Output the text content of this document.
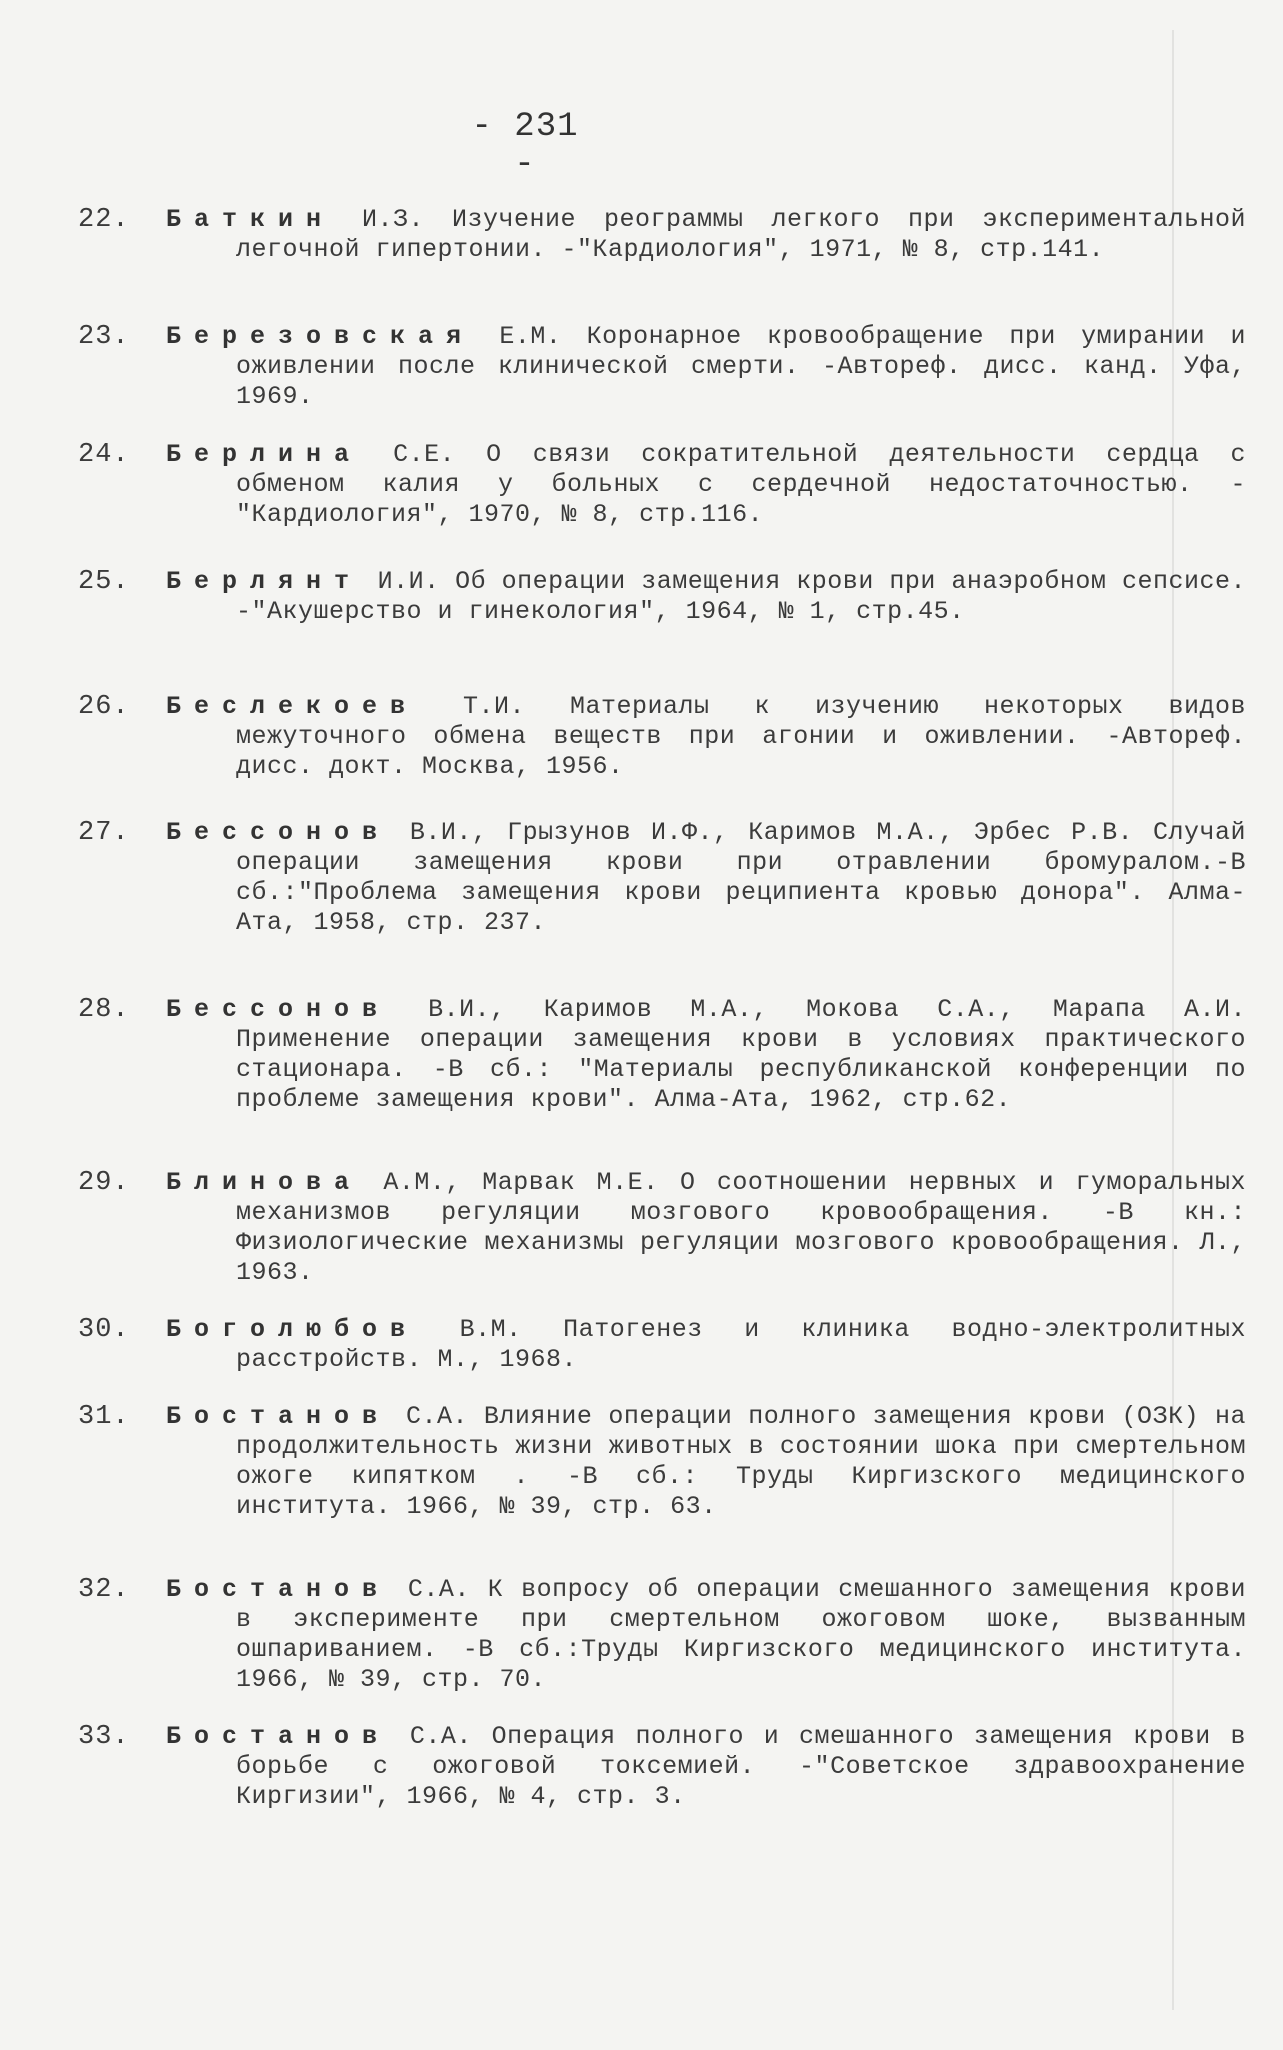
- 231 -
22.	Баткин И.З. Изучение реограммы легкого при экспериментальной легочной гипертонии. -"Кардиология", 1971, № 8, стр.141.
23.	Березовская Е.М. Коронарное кровообращение при умирании и оживлении после клинической смерти. -Автореф. дисс. канд. Уфа, 1969.
24.	Берлина С.Е. О связи сократительной деятельности сердца с обменом калия у больных с сердечной недостаточностью. -"Кардиология", 1970, № 8, стр.116.
25.	Берлянт И.И. Об операции замещения крови при анаэробном сепсисе. -"Акушерство и гинекология", 1964, № 1, стр.45.
26.	Беслекоев Т.И. Материалы к изучению некоторых видов межуточного обмена веществ при агонии и оживлении. -Автореф. дисс. докт. Москва, 1956.
27.	Бессонов В.И., Грызунов И.Ф., Каримов М.А., Эрбес Р.В. Случай операции замещения крови при отравлении бромуралом.-В сб.:"Проблема замещения крови реципиента кровью донора". Алма-Ата, 1958, стр. 237.
28.	Бессонов В.И., Каримов М.А., Мокова С.А., Марапа А.И. Применение операции замещения крови в условиях практического стационара. -В сб.: "Материалы республиканской конференции по проблеме замещения крови". Алма-Ата, 1962, стр.62.
29.	Блинова А.М., Марвак М.Е. О соотношении нервных и гуморальных механизмов регуляции мозгового кровообращения. -В кн.: Физиологические механизмы регуляции мозгового кровообращения. Л., 1963.
30.	Боголюбов В.М. Патогенез и клиника водно-электролитных расстройств. М., 1968.
31.	Бостанов С.А. Влияние операции полного замещения крови (ОЗК) на продолжительность жизни животных в состоянии шока при смертельном ожоге кипятком . -В сб.: Труды Киргизского медицинского института. 1966, № 39, стр. 63.
32.	Бостанов С.А. К вопросу об операции смешанного замещения крови в эксперименте при смертельном ожоговом шоке, вызванным ошпариванием. -В сб.:Труды Киргизского медицинского института. 1966, № 39, стр. 70.
33.	Бостанов С.А. Операция полного и смешанного замещения крови в борьбе с ожоговой токсемией. -"Советское здравоохранение Киргизии", 1966, № 4, стр. 3.
